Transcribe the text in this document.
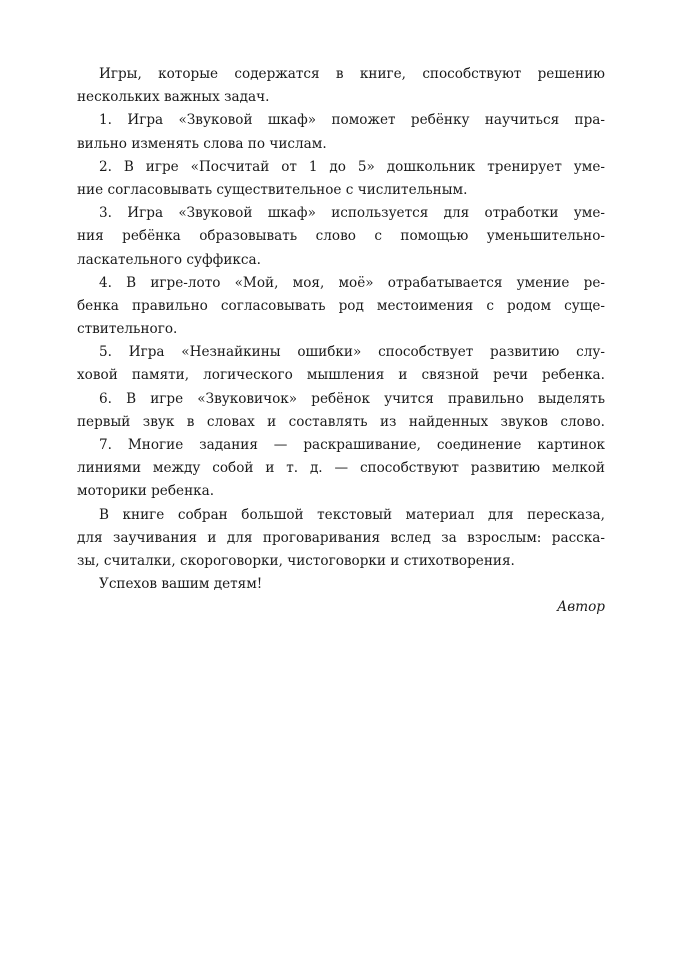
Игры, которые содержатся в книге, способствуют решению
нескольких важных задач.
1. Игра «Звуковой шкаф» поможет ребёнку научиться пра-
вильно изменять слова по числам.
2. В игре «Посчитай от 1 до 5» дошкольник тренирует уме-
ние согласовывать существительное с числительным.
3. Игра «Звуковой шкаф» используется для отработки уме-
ния ребёнка образовывать слово с помощью уменьшительно-
ласкательного суффикса.
4. В игре-лото «Мой, моя, моё» отрабатывается умение ре-
бенка правильно согласовывать род местоимения с родом суще-
ствительного.
5. Игра «Незнайкины ошибки» способствует развитию слу-
ховой памяти, логического мышления и связной речи ребенка.
6. В игре «Звуковичок» ребёнок учится правильно выделять
первый звук в словах и составлять из найденных звуков слово.
7. Многие задания — раскрашивание, соединение картинок
линиями между собой и т. д. — способствуют развитию мелкой
моторики ребенка.
В книге собран большой текстовый материал для пересказа,
для заучивания и для проговаривания вслед за взрослым: расска-
зы, считалки, скороговорки, чистоговорки и стихотворения.
Успехов вашим детям!
Автор
